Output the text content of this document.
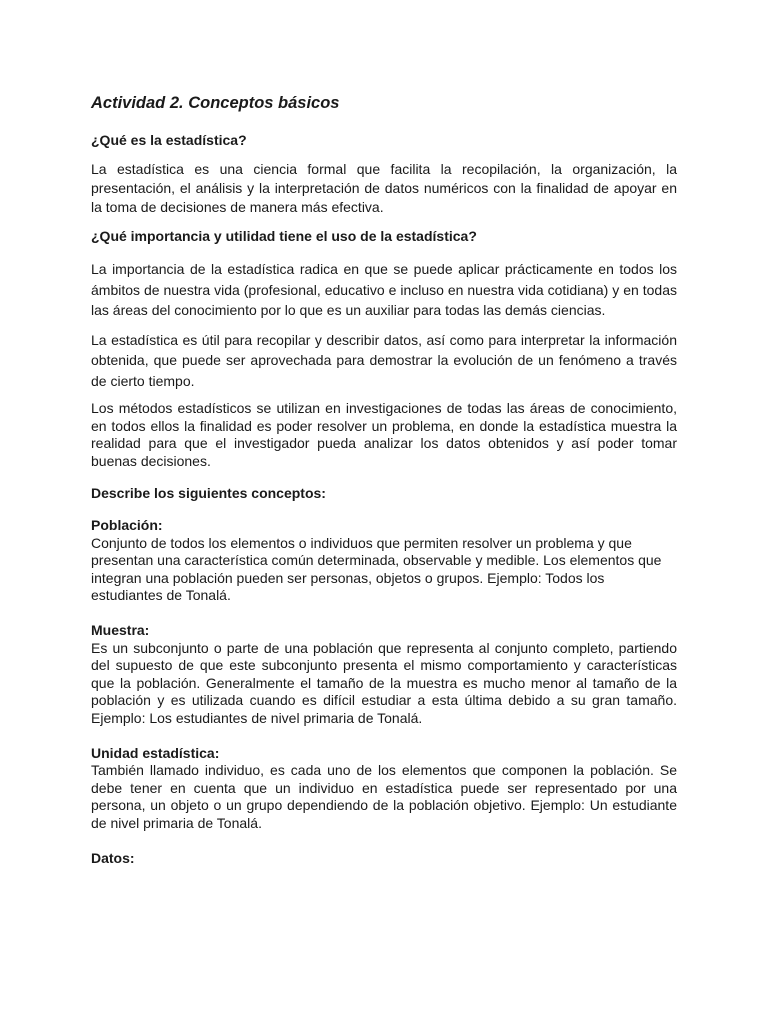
Actividad 2. Conceptos básicos
¿Qué es la estadística?

La estadística es una ciencia formal que facilita la recopilación, la organización, la presentación, el análisis y la interpretación de datos numéricos con la finalidad de apoyar en la toma de decisiones de manera más efectiva.

¿Qué importancia y utilidad tiene el uso de la estadística?

La importancia de la estadística radica en que se puede aplicar prácticamente en todos los ámbitos de nuestra vida (profesional, educativo e incluso en nuestra vida cotidiana) y en todas las áreas del conocimiento por lo que es un auxiliar para todas las demás ciencias.

La estadística es útil para recopilar y describir datos, así como para interpretar la información obtenida, que puede ser aprovechada para demostrar la evolución de un fenómeno a través de cierto tiempo.

Los métodos estadísticos se utilizan en investigaciones de todas las áreas de conocimiento, en todos ellos la finalidad es poder resolver un problema, en donde la estadística muestra la realidad para que el investigador pueda analizar los datos obtenidos y así poder tomar buenas decisiones.

Describe los siguientes conceptos:
Población:
Conjunto de todos los elementos o individuos que permiten resolver un problema y que presentan una característica común determinada, observable y medible. Los elementos que integran una población pueden ser personas, objetos o grupos. Ejemplo: Todos los estudiantes de Tonalá.
Muestra:
Es un subconjunto o parte de una población que representa al conjunto completo, partiendo del supuesto de que este subconjunto presenta el mismo comportamiento y características que la población. Generalmente el tamaño de la muestra es mucho menor al tamaño de la población y es utilizada cuando es difícil estudiar a esta última debido a su gran tamaño. Ejemplo: Los estudiantes de nivel primaria de Tonalá.
Unidad estadística:
También llamado individuo, es cada uno de los elementos que componen la población. Se debe tener en cuenta que un individuo en estadística puede ser representado por una persona, un objeto o un grupo dependiendo de la población objetivo. Ejemplo: Un estudiante de nivel primaria de Tonalá.
Datos:
